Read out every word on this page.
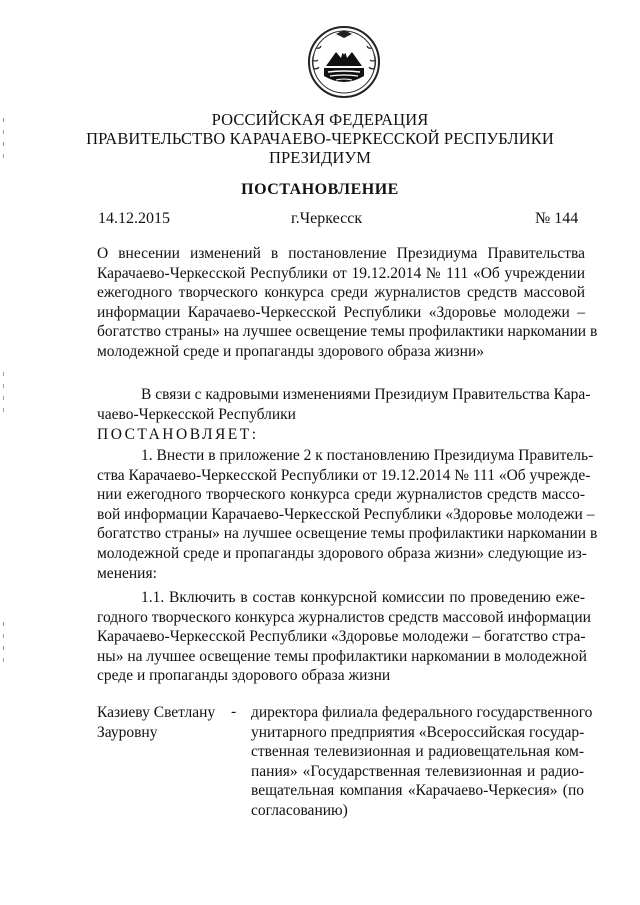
РОССИЙСКАЯ ФЕДЕРАЦИЯ
ПРАВИТЕЛЬСТВО КАРАЧАЕВО-ЧЕРКЕССКОЙ РЕСПУБЛИКИ
ПРЕЗИДИУМ
ПОСТАНОВЛЕНИЕ
14.12.2015	г.Черкесск	№ 144
О внесении изменений в постановление Президиума Правительства
Карачаево-Черкесской Республики от 19.12.2014 № 111 «Об учреждении
ежегодного творческого конкурса среди журналистов средств массовой
информации Карачаево-Черкесской Республики «Здоровье молодежи –
богатство страны» на лучшее освещение темы профилактики наркомании в
молодежной среде и пропаганды здорового образа жизни»
В связи с кадровыми изменениями Президиум Правительства Кара-
чаево-Черкесской Республики
ПОСТАНОВЛЯЕТ:
1. Внести в приложение 2 к постановлению Президиума Правитель-
ства Карачаево-Черкесской Республики от 19.12.2014 № 111 «Об учрежде-
нии ежегодного творческого конкурса среди журналистов средств массо-
вой информации Карачаево-Черкесской Республики «Здоровье молодежи –
богатство страны» на лучшее освещение темы профилактики наркомании в
молодежной среде и пропаганды здорового образа жизни» следующие из-
менения:
1.1. Включить в состав конкурсной комиссии по проведению еже-
годного творческого конкурса журналистов средств массовой информации
Карачаево-Черкесской Республики «Здоровье молодежи – богатство стра-
ны» на лучшее освещение темы профилактики наркомании в молодежной
среде и пропаганды здорового образа жизни
Казиеву Светлану
Зауровну
- директора филиала федерального государственного
унитарного предприятия «Всероссийская государ-
ственная телевизионная и радиовещательная ком-
пания» «Государственная телевизионная и радио-
вещательная компания «Карачаево-Черкесия» (по
согласованию)
